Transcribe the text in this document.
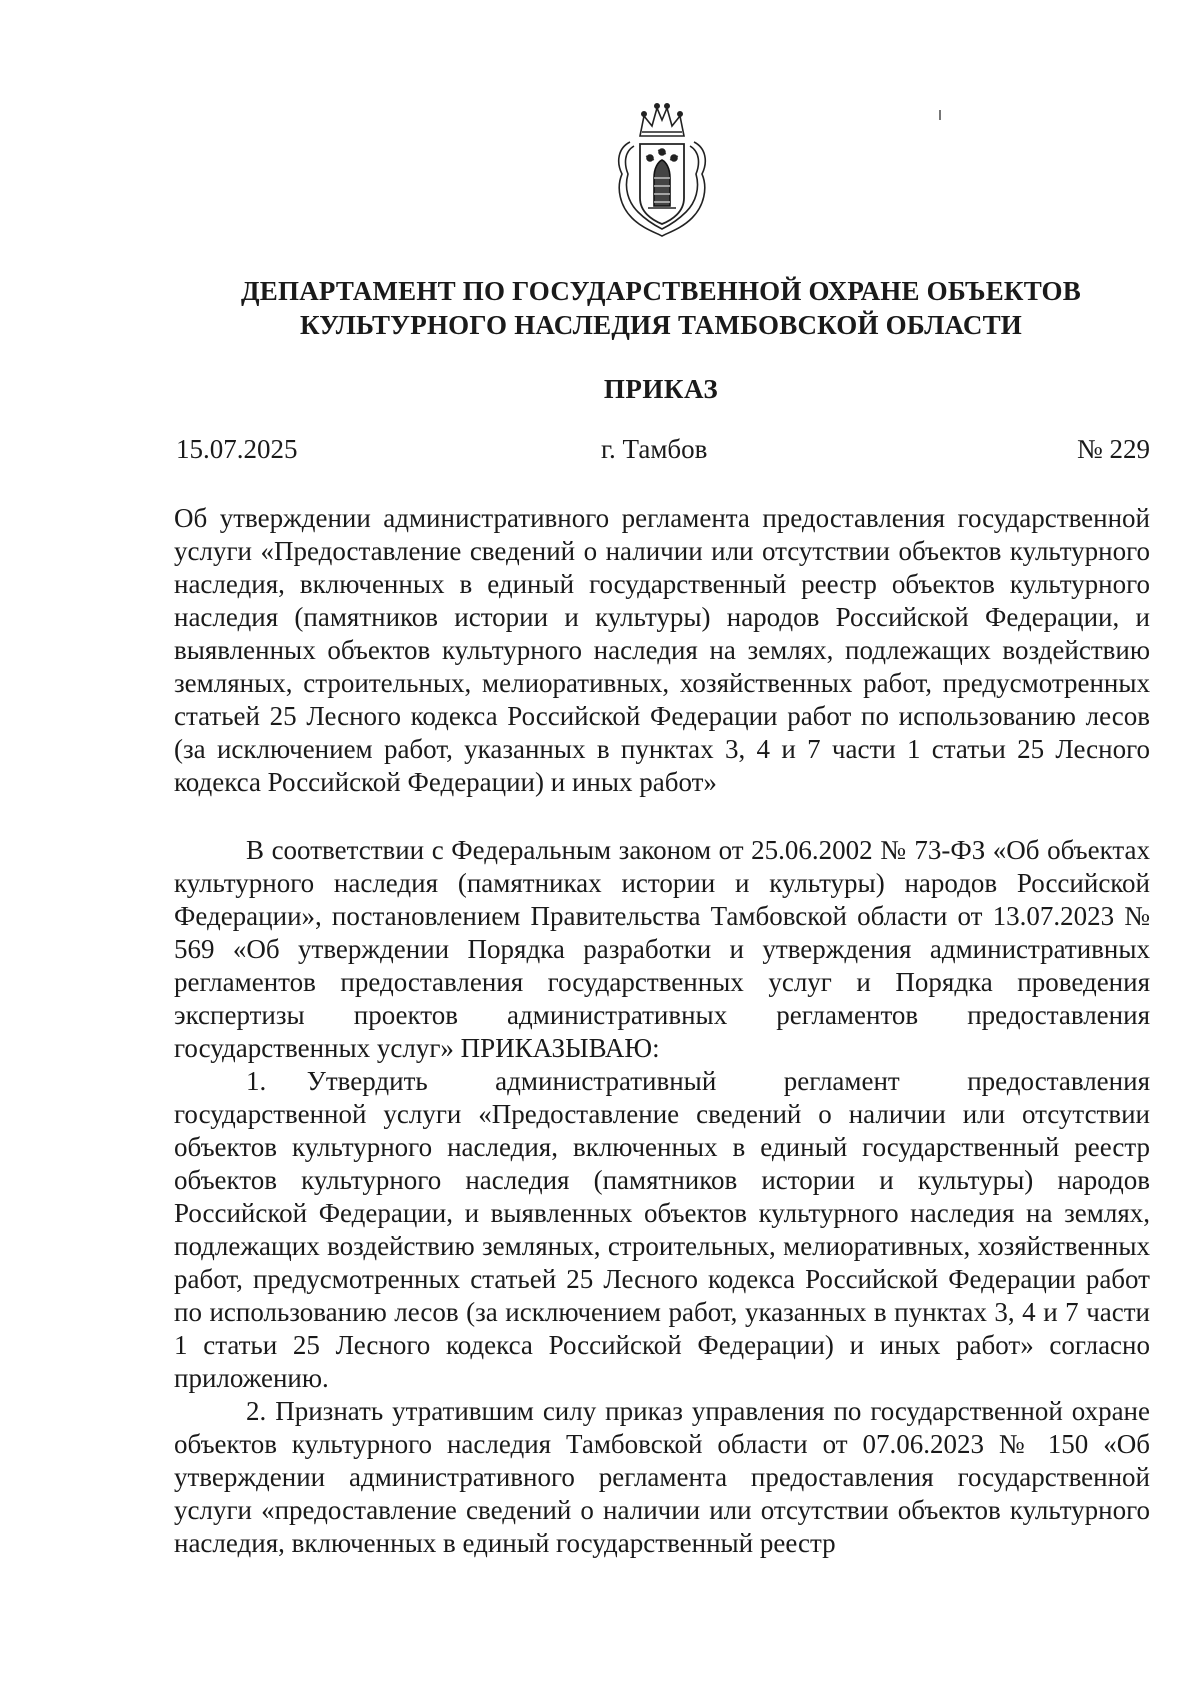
ДЕПАРТАМЕНТ ПО ГОСУДАРСТВЕННОЙ ОХРАНЕ ОБЪЕКТОВ
КУЛЬТУРНОГО НАСЛЕДИЯ ТАМБОВСКОЙ ОБЛАСТИ
ПРИКАЗ
15.07.2025	г. Тамбов	№ 229
Об утверждении административного регламента предоставления государственной услуги «Предоставление сведений о наличии или отсутствии объектов культурного наследия, включенных в единый государственный реестр объектов культурного наследия (памятников истории и культуры) народов Российской Федерации, и выявленных объектов культурного наследия на землях, подлежащих воздействию земляных, строительных, мелиоративных, хозяйственных работ, предусмотренных статьей 25 Лесного кодекса Российской Федерации работ по использованию лесов (за исключением работ, указанных в пунктах 3, 4 и 7 части 1 статьи 25 Лесного кодекса Российской Федерации) и иных работ»

В соответствии с Федеральным законом от 25.06.2002 № 73-ФЗ «Об объектах культурного наследия (памятниках истории и культуры) народов Российской Федерации», постановлением Правительства Тамбовской области от 13.07.2023 № 569 «Об утверждении Порядка разработки и утверждения административных регламентов предоставления государственных услуг и Порядка проведения экспертизы проектов административных регламентов предоставления государственных услуг» ПРИКАЗЫВАЮ:

1.   Утвердить административный регламент предоставления государственной услуги «Предоставление сведений о наличии или отсутствии объектов культурного наследия, включенных в единый государственный реестр объектов культурного наследия (памятников истории и культуры) народов Российской Федерации, и выявленных объектов культурного наследия на землях, подлежащих воздействию земляных, строительных, мелиоративных, хозяйственных работ, предусмотренных статьей 25 Лесного кодекса Российской Федерации работ по использованию лесов (за исключением работ, указанных в пунктах 3, 4 и 7 части 1 статьи 25 Лесного кодекса Российской Федерации) и иных работ» согласно приложению.

2. Признать утратившим силу приказ управления по государственной охране объектов культурного наследия Тамбовской области от 07.06.2023 № 150 «Об утверждении административного регламента предоставления государственной услуги «предоставление сведений о наличии или отсутствии объектов культурного наследия, включенных в единый государственный реестр
